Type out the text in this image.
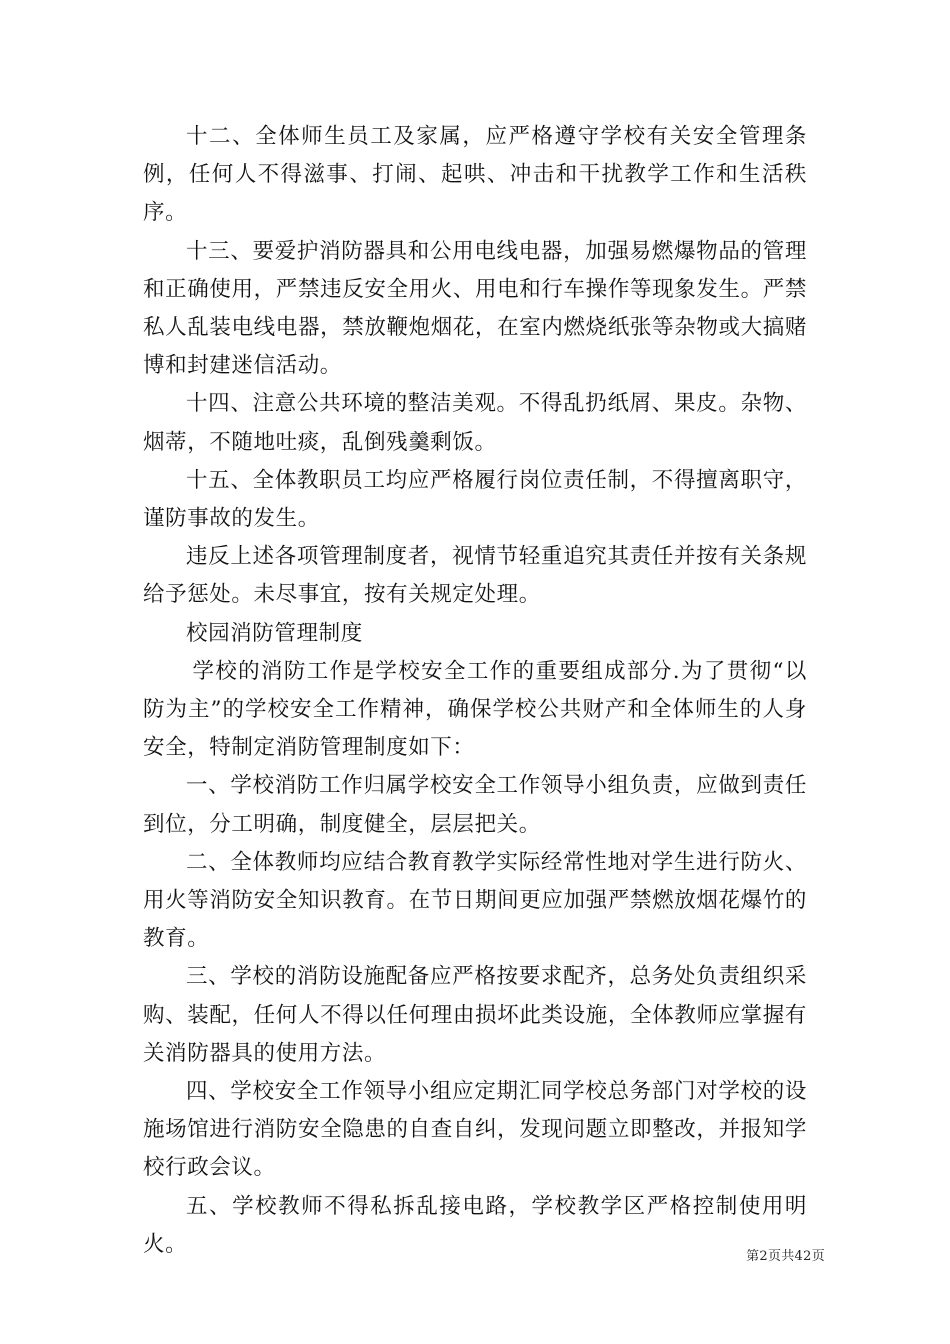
十二、全体师生员工及家属，应严格遵守学校有关安全管理条例，任何人不得滋事、打闹、起哄、冲击和干扰教学工作和生活秩序。

十三、要爱护消防器具和公用电线电器，加强易燃爆物品的管理和正确使用，严禁违反安全用火、用电和行车操作等现象发生。严禁私人乱装电线电器，禁放鞭炮烟花，在室内燃烧纸张等杂物或大搞赌博和封建迷信活动。

十四、注意公共环境的整洁美观。不得乱扔纸屑、果皮。杂物、烟蒂，不随地吐痰，乱倒残羹剩饭。

十五、全体教职员工均应严格履行岗位责任制，不得擅离职守，谨防事故的发生。

违反上述各项管理制度者，视情节轻重追究其责任并按有关条规给予惩处。未尽事宜，按有关规定处理。

校园消防管理制度

学校的消防工作是学校安全工作的重要组成部分.为了贯彻“以防为主”的学校安全工作精神，确保学校公共财产和全体师生的人身安全，特制定消防管理制度如下：

一、学校消防工作归属学校安全工作领导小组负责，应做到责任到位，分工明确，制度健全，层层把关。

二、全体教师均应结合教育教学实际经常性地对学生进行防火、用火等消防安全知识教育。在节日期间更应加强严禁燃放烟花爆竹的教育。

三、学校的消防设施配备应严格按要求配齐，总务处负责组织采购、装配，任何人不得以任何理由损坏此类设施，全体教师应掌握有关消防器具的使用方法。

四、学校安全工作领导小组应定期汇同学校总务部门对学校的设施场馆进行消防安全隐患的自查自纠，发现问题立即整改，并报知学校行政会议。

五、学校教师不得私拆乱接电路，学校教学区严格控制使用明火。	第2页共42页
